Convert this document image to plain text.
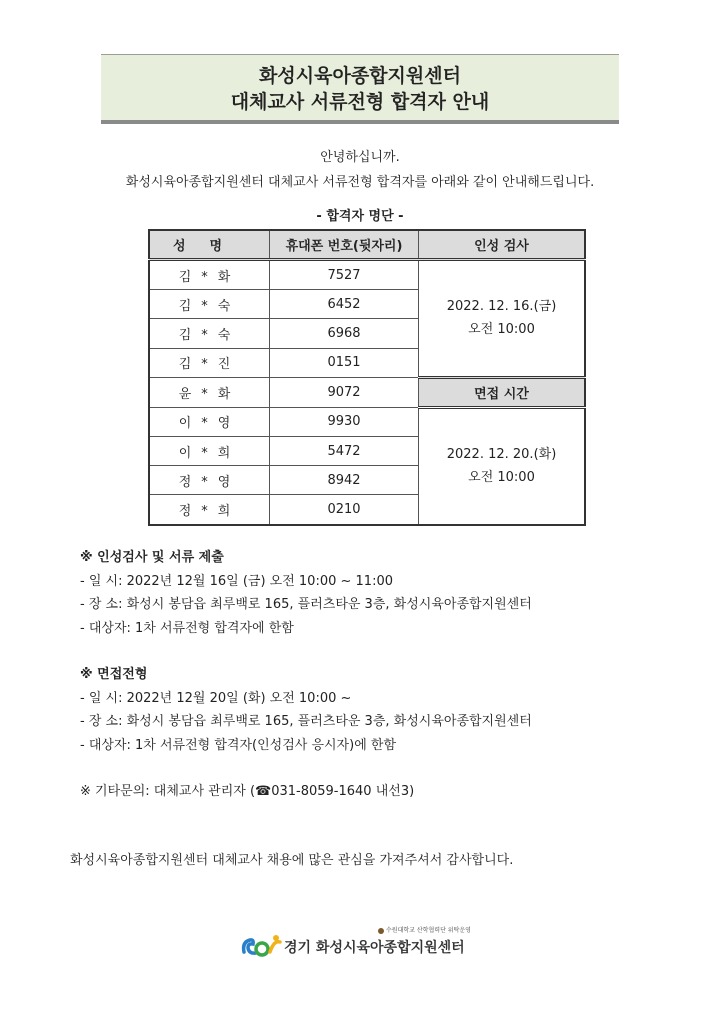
화성시육아종합지원센터
대체교사 서류전형 합격자 안내
안녕하십니까.
화성시육아종합지원센터 대체교사 서류전형 합격자를 아래와 같이 안내해드립니다.
- 합격자 명단 -
성명	휴대폰 번호(뒷자리)	인성 검사
김*화	7527	2022. 12. 16.(금)
오전 10:00

김*숙	6452	
김*숙	6968	
김*진	0151	
윤*화	9072	면접 시간
이*영	9930	2022. 12. 20.(화)
오전 10:00

이*희	5472	
정*영	8942	
정*희	0210	
※ 인성검사 및 서류 제출
- 일 시: 2022년 12월 16일 (금) 오전 10:00 ~ 11:00
- 장 소: 화성시 봉담읍 최루백로 165, 플러츠타운 3층, 화성시육아종합지원센터
- 대상자: 1차 서류전형 합격자에 한함
※ 면접전형
- 일 시: 2022년 12월 20일 (화) 오전 10:00 ~
- 장 소: 화성시 봉담읍 최루백로 165, 플러츠타운 3층, 화성시육아종합지원센터
- 대상자: 1차 서류전형 합격자(인성검사 응시자)에 한함
※ 기타문의: 대체교사 관리자 (☎031-8059-1640 내선3)
화성시육아종합지원센터 대체교사 채용에 많은 관심을 가져주셔서 감사합니다.
수원대학교 산학협력단 위탁운영
경기 화성시육아종합지원센터
